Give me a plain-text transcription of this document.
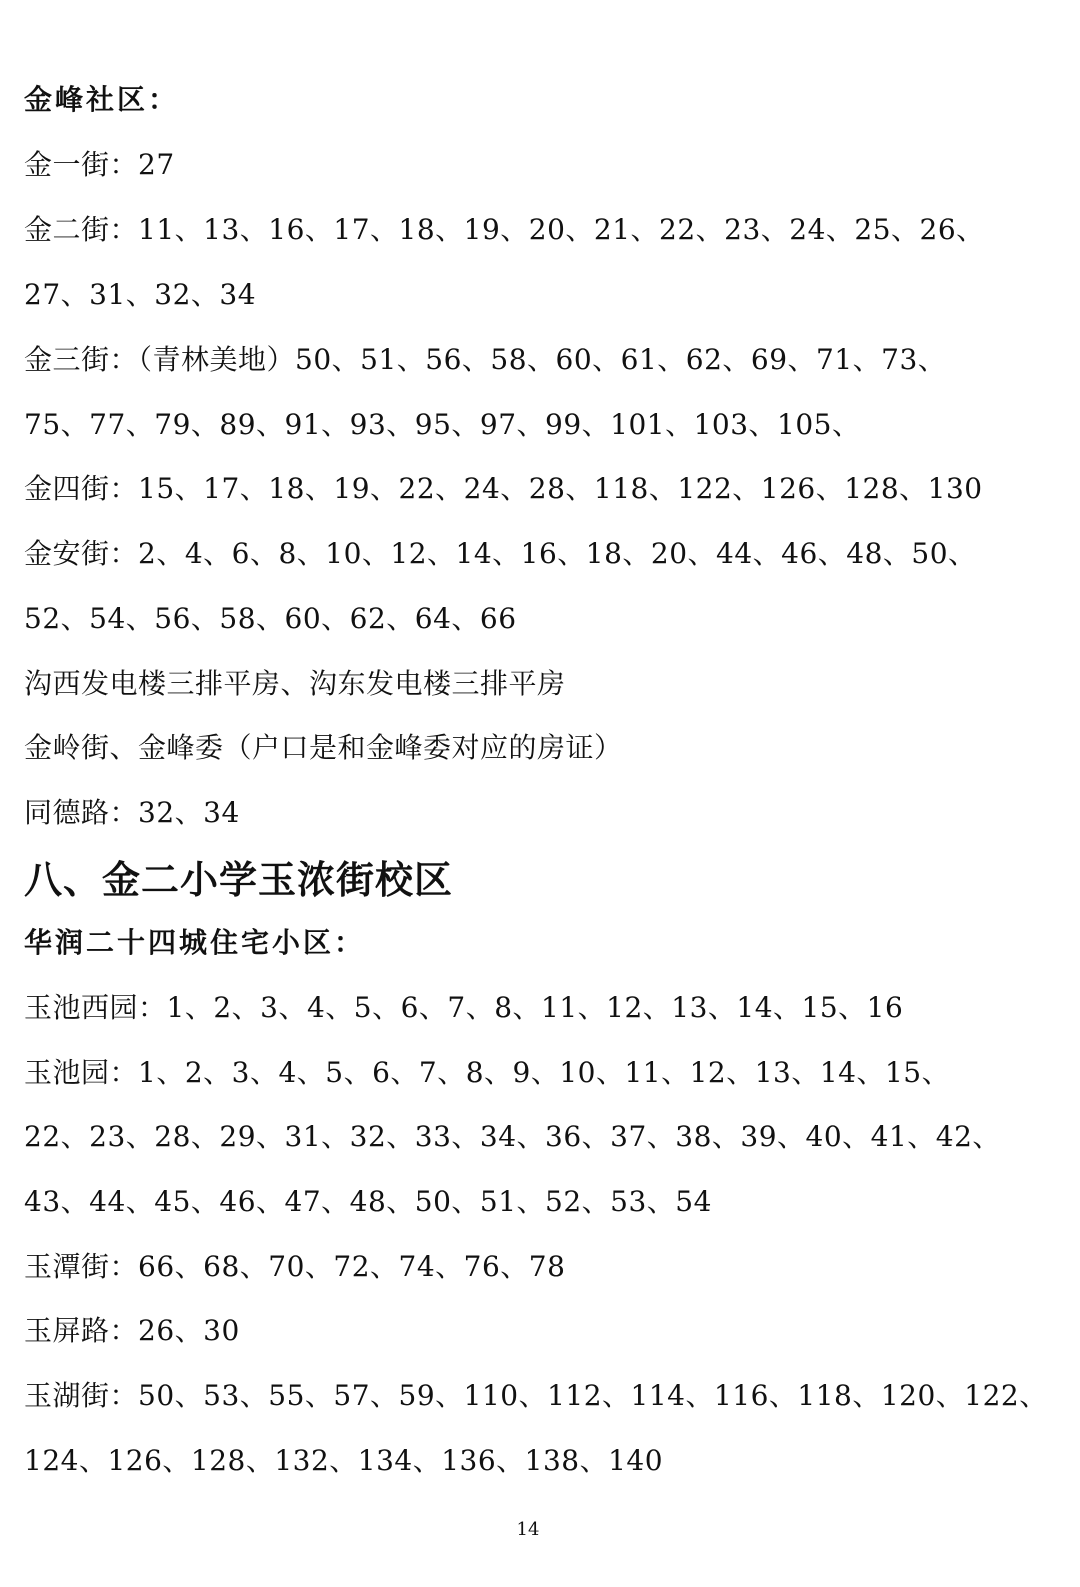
金峰社区：
金一街：27
金二街：11、13、16、17、18、19、20、21、22、23、24、25、26、
27、31、32、34
金三街：（青林美地）50、51、56、58、60、61、62、69、71、73、
75、77、79、89、91、93、95、97、99、101、103、105、
金四街：15、17、18、19、22、24、28、118、122、126、128、130
金安街：2、4、6、8、10、12、14、16、18、20、44、46、48、50、
52、54、56、58、60、62、64、66
沟西发电楼三排平房、沟东发电楼三排平房
金岭街、金峰委（户口是和金峰委对应的房证）
同德路：32、34
八、金二小学玉浓街校区
华润二十四城住宅小区：
玉池西园：1、2、3、4、5、6、7、8、11、12、13、14、15、16
玉池园：1、2、3、4、5、6、7、8、9、10、11、12、13、14、15、
22、23、28、29、31、32、33、34、36、37、38、39、40、41、42、
43、44、45、46、47、48、50、51、52、53、54
玉潭街：66、68、70、72、74、76、78
玉屏路：26、30
玉湖街：50、53、55、57、59、110、112、114、116、118、120、122、
124、126、128、132、134、136、138、140
14
